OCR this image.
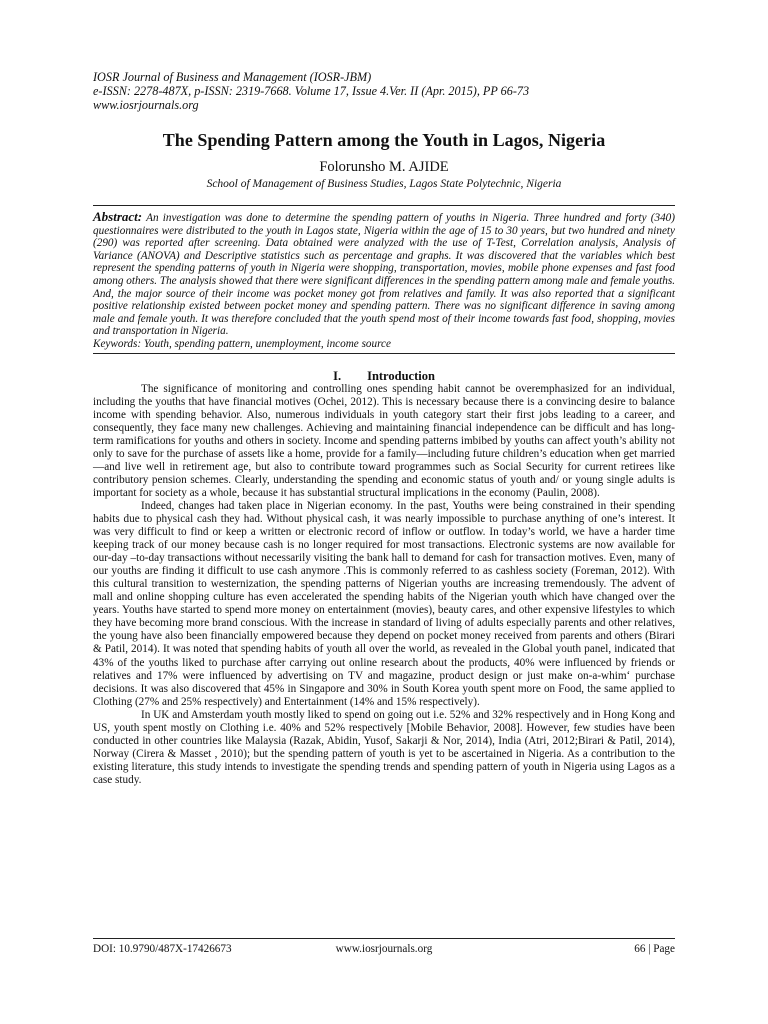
IOSR Journal of Business and Management (IOSR-JBM)
e-ISSN: 2278-487X, p-ISSN: 2319-7668. Volume 17, Issue 4.Ver. II (Apr. 2015), PP 66-73
www.iosrjournals.org
The Spending Pattern among the Youth in Lagos, Nigeria
Folorunsho M. AJIDE
School of Management of Business Studies, Lagos State Polytechnic, Nigeria
Abstract: An investigation was done to determine the spending pattern of youths in Nigeria. Three hundred and forty (340) questionnaires were distributed to the youth in Lagos state, Nigeria within the age of 15 to 30 years, but two hundred and ninety (290) was reported after screening. Data obtained were analyzed with the use of T-Test, Correlation analysis, Analysis of Variance (ANOVA) and Descriptive statistics such as percentage and graphs. It was discovered that the variables which best represent the spending patterns of youth in Nigeria were shopping, transportation, movies, mobile phone expenses and fast food among others. The analysis showed that there were significant differences in the spending pattern among male and female youths. And, the major source of their income was pocket money got from relatives and family. It was also reported that a significant positive relationship existed between pocket money and spending pattern. There was no significant difference in saving among male and female youth. It was therefore concluded that the youth spend most of their income towards fast food, shopping, movies and transportation in Nigeria.
Keywords: Youth, spending pattern, unemployment, income source
I. Introduction

The significance of monitoring and controlling ones spending habit cannot be overemphasized for an individual, including the youths that have financial motives (Ochei, 2012). This is necessary because there is a convincing desire to balance income with spending behavior. Also, numerous individuals in youth category start their first jobs leading to a career, and consequently, they face many new challenges. Achieving and maintaining financial independence can be difficult and has long-term ramifications for youths and others in society. Income and spending patterns imbibed by youths can affect youth’s ability not only to save for the purchase of assets like a home, provide for a family—including future children’s education when get married—and live well in retirement age, but also to contribute toward programmes such as Social Security for current retirees like contributory pension schemes. Clearly, understanding the spending and economic status of youth and/ or young single adults is important for society as a whole, because it has substantial structural implications in the economy (Paulin, 2008).

Indeed, changes had taken place in Nigerian economy. In the past, Youths were being constrained in their spending habits due to physical cash they had. Without physical cash, it was nearly impossible to purchase anything of one’s interest. It was very difficult to find or keep a written or electronic record of inflow or outflow. In today’s world, we have a harder time keeping track of our money because cash is no longer required for most transactions. Electronic systems are now available for our-day –to-day transactions without necessarily visiting the bank hall to demand for cash for transaction motives. Even, many of our youths are finding it difficult to use cash anymore .This is commonly referred to as cashless society (Foreman, 2012). With this cultural transition to westernization, the spending patterns of Nigerian youths are increasing tremendously. The advent of mall and online shopping culture has even accelerated the spending habits of the Nigerian youth which have changed over the years. Youths have started to spend more money on entertainment (movies), beauty cares, and other expensive lifestyles to which they have becoming more brand conscious. With the increase in standard of living of adults especially parents and other relatives, the young have also been financially empowered because they depend on pocket money received from parents and others (Birari & Patil, 2014). It was noted that spending habits of youth all over the world, as revealed in the Global youth panel, indicated that 43% of the youths liked to purchase after carrying out online research about the products, 40% were influenced by friends or relatives and 17% were influenced by advertising on TV and magazine, product design or just make on-a-whim‘ purchase decisions. It was also discovered that 45% in Singapore and 30% in South Korea youth spent more on Food, the same applied to Clothing (27% and 25% respectively) and Entertainment (14% and 15% respectively).

In UK and Amsterdam youth mostly liked to spend on going out i.e. 52% and 32% respectively and in Hong Kong and US, youth spent mostly on Clothing i.e. 40% and 52% respectively [Mobile Behavior, 2008]. However, few studies have been conducted in other countries like Malaysia (Razak, Abidin, Yusof, Sakarji & Nor, 2014), India (Atri, 2012;Birari & Patil, 2014), Norway (Cirera & Masset , 2010); but the spending pattern of youth is yet to be ascertained in Nigeria. As a contribution to the existing literature, this study intends to investigate the spending trends and spending pattern of youth in Nigeria using Lagos as a case study.

DOI: 10.9790/487X-17426673	www.iosrjournals.org	66 | Page
